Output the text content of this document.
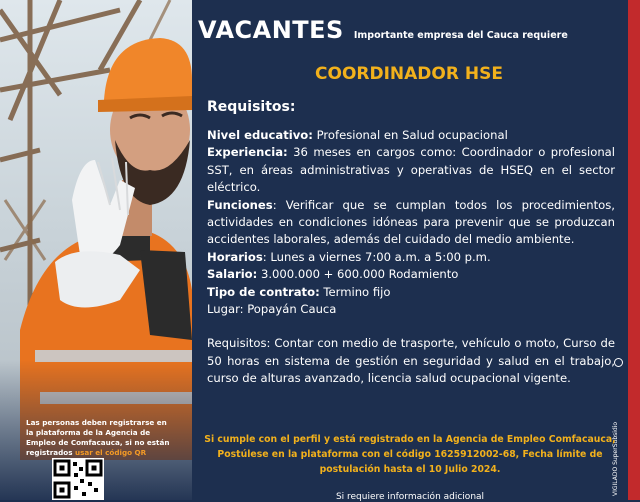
Las personas deben registrarse en la plataforma de la Agencia de Empleo de Comfacauca, si no están registrados usar el código QR
VACANTES Importante empresa del Cauca requiere
VIGILADO SuperSubsidio
COORDINADOR HSE
Requisitos:

Nivel educativo: Profesional en Salud ocupacional

Experiencia: 36 meses en cargos como: Coordinador o profesional SST, en áreas administrativas y operativas de HSEQ en el sector eléctrico.

Funciones: Verificar que se cumplan todos los procedimientos, actividades en condiciones idóneas para prevenir que se produzcan accidentes laborales, además del cuidado del medio ambiente.

Horarios: Lunes a viernes 7:00 a.m. a 5:00 p.m.

Salario: 3.000.000 + 600.000 Rodamiento

Tipo de contrato: Termino fijo

Lugar: Popayán Cauca

Requisitos: Contar con medio de trasporte, vehículo o moto, Curso de 50 horas en sistema de gestión en seguridad y salud en el trabajo, curso de alturas avanzado, licencia salud ocupacional vigente.

Si cumple con el perfil y está registrado en la Agencia de Empleo Comfacauca, Postúlese en la plataforma con el código 1625912002-68, Fecha límite de postulación hasta el 10 Julio 2024.
Si requiere información adicional
